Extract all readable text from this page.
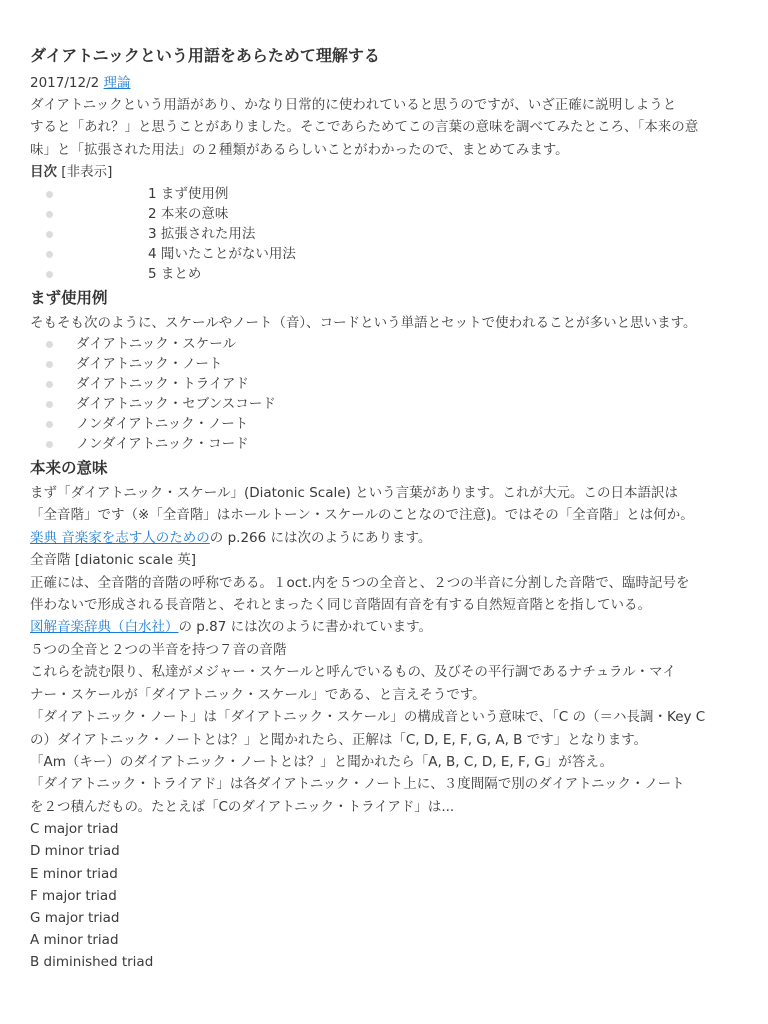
ダイアトニックという用語をあらためて理解する
2017/12/2 理論
ダイアトニックという用語があり、かなり日常的に使われていると思うのですが、いざ正確に説明しようと
すると「あれ？」と思うことがありました。そこであらためてこの言葉の意味を調べてみたところ、「本来の意
味」と「拡張された用法」の２種類があるらしいことがわかったので、まとめてみます。
目次 [非表示]
1 まず使用例
2 本来の意味
3 拡張された用法
4 聞いたことがない用法
5 まとめ
まず使用例
そもそも次のように、スケールやノート（音）、コードという単語とセットで使われることが多いと思います。
ダイアトニック・スケール
ダイアトニック・ノート
ダイアトニック・トライアド
ダイアトニック・セブンスコード
ノンダイアトニック・ノート
ノンダイアトニック・コード
本来の意味
まず「ダイアトニック・スケール」(Diatonic Scale) という言葉があります。これが大元。この日本語訳は
「全音階」です（※「全音階」はホールトーン・スケールのことなので注意)。ではその「全音階」とは何か。
楽典 音楽家を志す人のためのの p.266 には次のようにあります。
全音階 [diatonic scale 英]
正確には、全音階的音階の呼称である。１oct.内を５つの全音と、２つの半音に分割した音階で、臨時記号を
伴わないで形成される長音階と、それとまったく同じ音階固有音を有する自然短音階とを指している。
図解音楽辞典（白水社）の p.87 には次のように書かれています。
５つの全音と２つの半音を持つ７音の音階
これらを読む限り、私達がメジャー・スケールと呼んでいるもの、及びその平行調であるナチュラル・マイ
ナー・スケールが「ダイアトニック・スケール」である、と言えそうです。
「ダイアトニック・ノート」は「ダイアトニック・スケール」の構成音という意味で、「C の（＝ハ長調・Key C
の）ダイアトニック・ノートとは？」と聞かれたら、正解は「C, D, E, F, G, A, B です」となります。
「Am（キー）のダイアトニック・ノートとは？」と聞かれたら「A, B, C, D, E, F, G」が答え。
「ダイアトニック・トライアド」は各ダイアトニック・ノート上に、３度間隔で別のダイアトニック・ノート
を２つ積んだもの。たとえば「Cのダイアトニック・トライアド」は...
C major triad
D minor triad
E minor triad
F major triad
G major triad
A minor triad
B diminished triad
